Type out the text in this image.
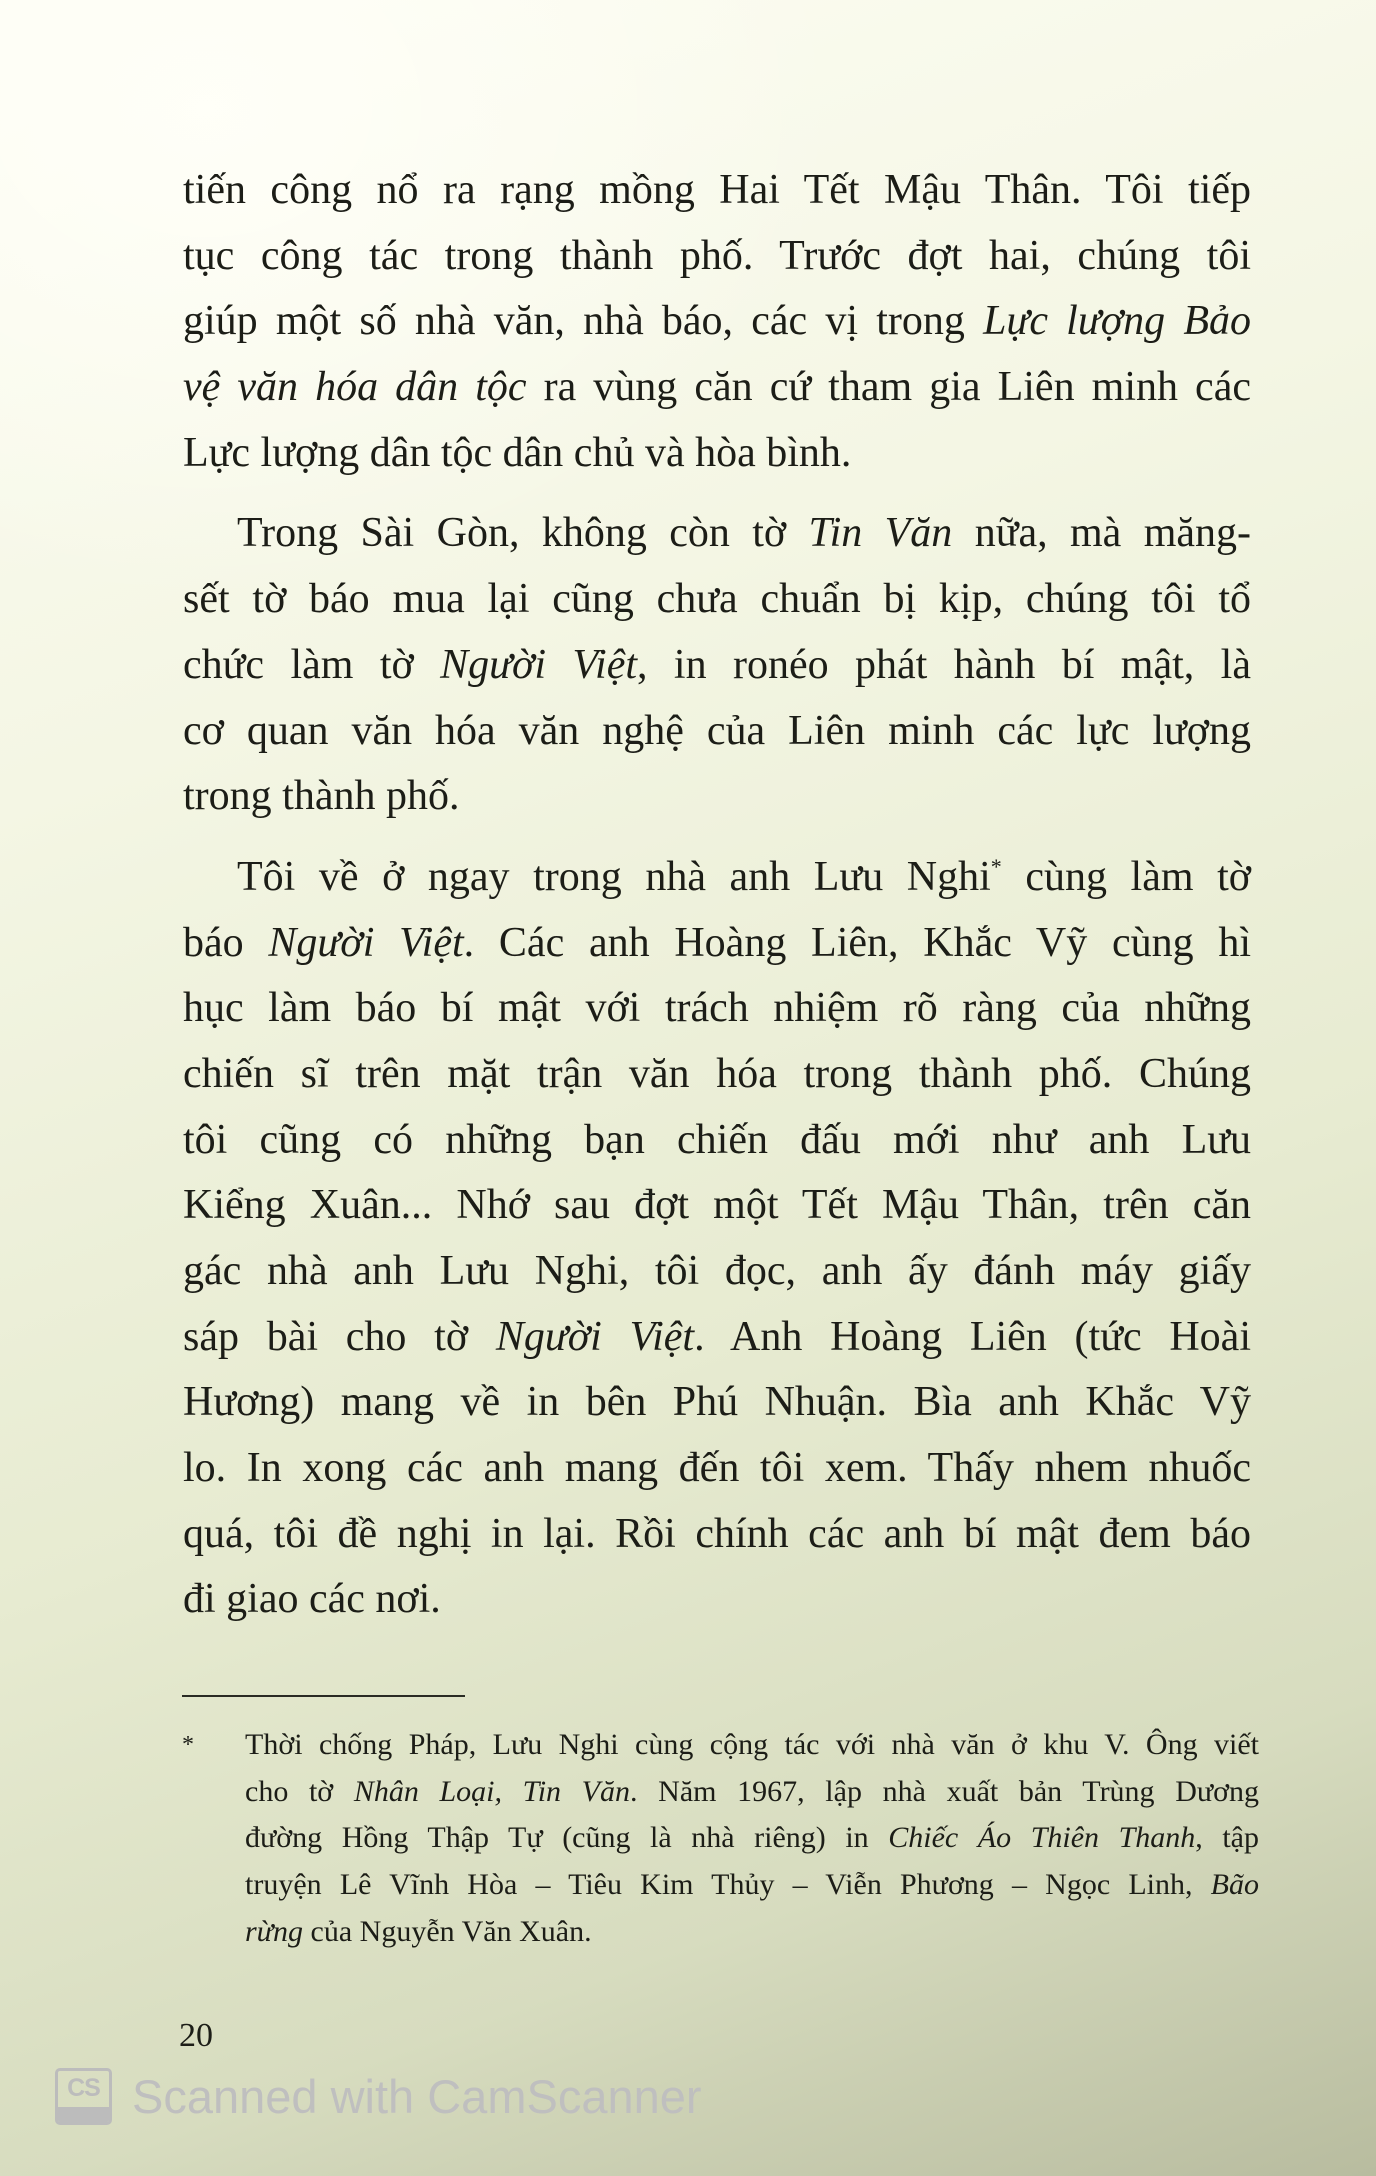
tiến công nổ ra rạng mồng Hai Tết Mậu Thân. Tôi tiếp
tục công tác trong thành phố. Trước đợt hai, chúng tôi
giúp một số nhà văn, nhà báo, các vị trong Lực lượng Bảo
vệ văn hóa dân tộc ra vùng căn cứ tham gia Liên minh các
Lực lượng dân tộc dân chủ và hòa bình.
Trong Sài Gòn, không còn tờ Tin Văn nữa, mà măng-
sết tờ báo mua lại cũng chưa chuẩn bị kịp, chúng tôi tổ
chức làm tờ Người Việt, in ronéo phát hành bí mật, là
cơ quan văn hóa văn nghệ của Liên minh các lực lượng
trong thành phố.
Tôi về ở ngay trong nhà anh Lưu Nghi* cùng làm tờ
báo Người Việt. Các anh Hoàng Liên, Khắc Vỹ cùng hì
hục làm báo bí mật với trách nhiệm rõ ràng của những
chiến sĩ trên mặt trận văn hóa trong thành phố. Chúng
tôi cũng có những bạn chiến đấu mới như anh Lưu
Kiểng Xuân... Nhớ sau đợt một Tết Mậu Thân, trên căn
gác nhà anh Lưu Nghi, tôi đọc, anh ấy đánh máy giấy
sáp bài cho tờ Người Việt. Anh Hoàng Liên (tức Hoài
Hương) mang về in bên Phú Nhuận. Bìa anh Khắc Vỹ
lo. In xong các anh mang đến tôi xem. Thấy nhem nhuốc
quá, tôi đề nghị in lại. Rồi chính các anh bí mật đem báo
đi giao các nơi.
* Thời chống Pháp, Lưu Nghi cùng cộng tác với nhà văn ở khu V. Ông viết
cho tờ Nhân Loại, Tin Văn. Năm 1967, lập nhà xuất bản Trùng Dương
đường Hồng Thập Tự (cũng là nhà riêng) in Chiếc Áo Thiên Thanh, tập
truyện Lê Vĩnh Hòa – Tiêu Kim Thủy – Viễn Phương – Ngọc Linh, Bão
rừng của Nguyễn Văn Xuân.
20
CS Scanned with CamScanner
